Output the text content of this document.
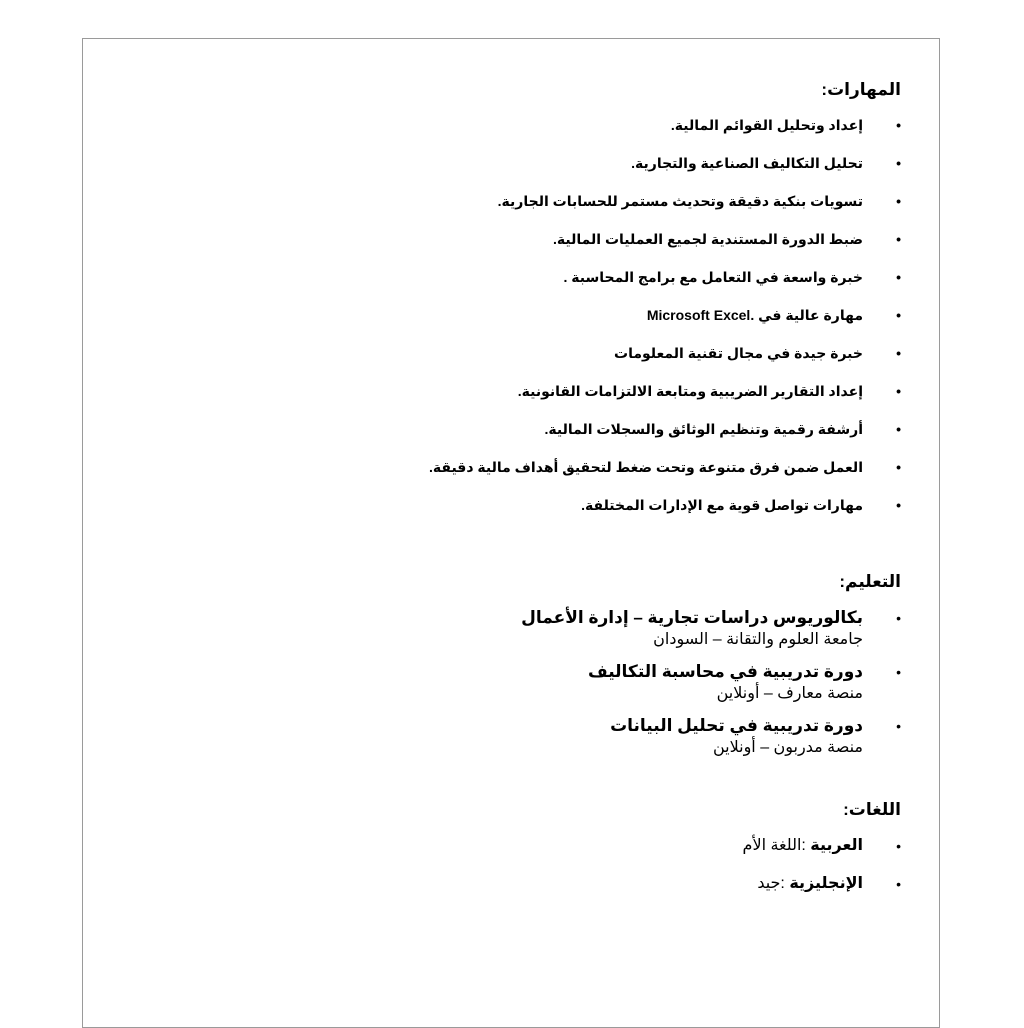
المهارات:
• إعداد وتحليل القوائم المالية.
• تحليل التكاليف الصناعية والتجارية.
• تسويات بنكية دقيقة وتحديث مستمر للحسابات الجارية.
• ضبط الدورة المستندية لجميع العمليات المالية.
• خبرة واسعة في التعامل مع برامج المحاسبة .
• مهارة عالية في .Microsoft Excel
• خبرة جيدة في مجال تقنية المعلومات
• إعداد التقارير الضريبية ومتابعة الالتزامات القانونية.
• أرشفة رقمية وتنظيم الوثائق والسجلات المالية.
• العمل ضمن فرق متنوعة وتحت ضغط لتحقيق أهداف مالية دقيقة.
• مهارات تواصل قوية مع الإدارات المختلفة.
التعليم:
• بكالوريوس دراسات تجارية – إدارة الأعمال
جامعة العلوم والتقانة – السودان
• دورة تدريبية في محاسبة التكاليف
منصة معارف – أونلاين
• دورة تدريبية في تحليل البيانات
منصة مدربون – أونلاين
اللغات:
• العربية :اللغة الأم
• الإنجليزية :جيد
